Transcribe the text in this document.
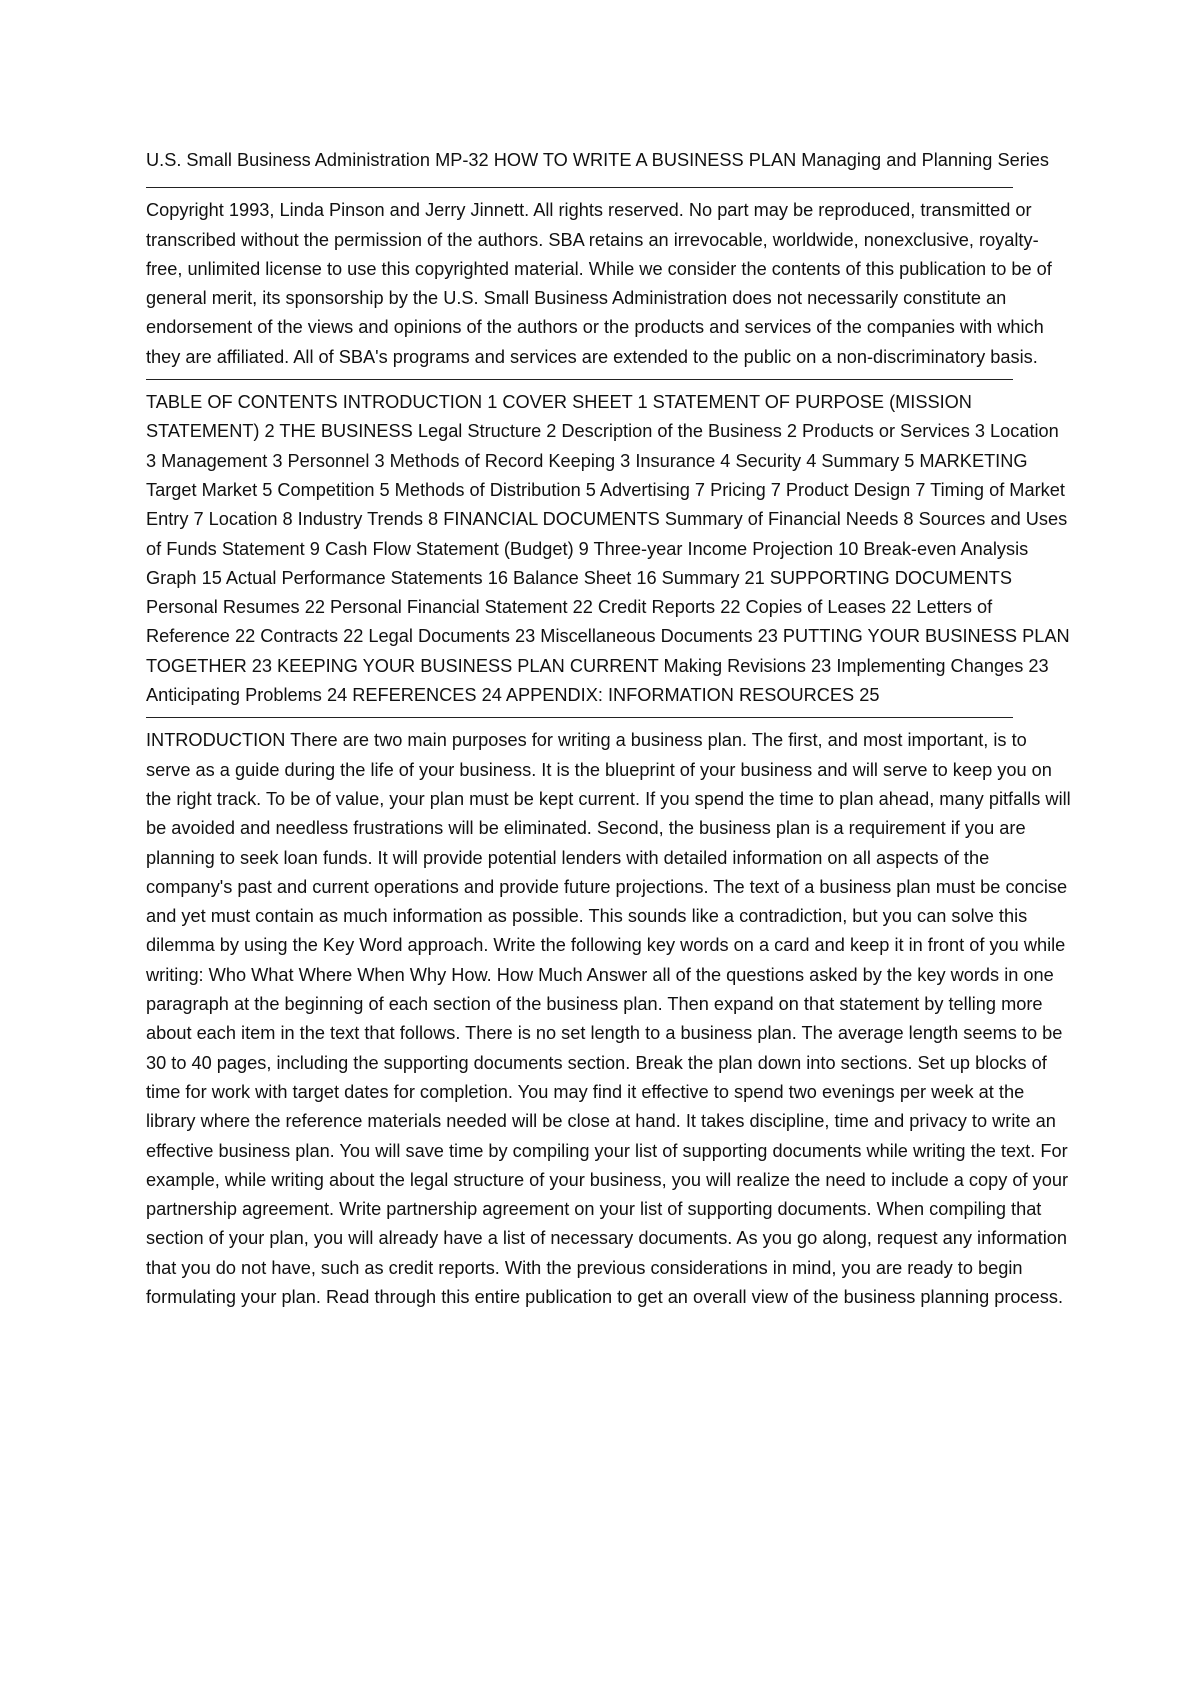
U.S. Small Business Administration MP-32 HOW TO WRITE A BUSINESS PLAN Managing and Planning Series

Copyright 1993, Linda Pinson and Jerry Jinnett. All rights reserved. No part may be reproduced, transmitted or transcribed without the permission of the authors. SBA retains an irrevocable, worldwide, nonexclusive, royalty-free, unlimited license to use this copyrighted material. While we consider the contents of this publication to be of general merit, its sponsorship by the U.S. Small Business Administration does not necessarily constitute an endorsement of the views and opinions of the authors or the products and services of the companies with which they are affiliated. All of SBA's programs and services are extended to the public on a non-discriminatory basis.

TABLE OF CONTENTS INTRODUCTION 1 COVER SHEET 1 STATEMENT OF PURPOSE (MISSION STATEMENT) 2 THE BUSINESS Legal Structure 2 Description of the Business 2 Products or Services 3 Location 3 Management 3 Personnel 3 Methods of Record Keeping 3 Insurance 4 Security 4 Summary 5 MARKETING Target Market 5 Competition 5 Methods of Distribution 5 Advertising 7 Pricing 7 Product Design 7 Timing of Market Entry 7 Location 8 Industry Trends 8 FINANCIAL DOCUMENTS Summary of Financial Needs 8 Sources and Uses of Funds Statement 9 Cash Flow Statement (Budget) 9 Three-year Income Projection 10 Break-even Analysis Graph 15 Actual Performance Statements 16 Balance Sheet 16 Summary 21 SUPPORTING DOCUMENTS Personal Resumes 22 Personal Financial Statement 22 Credit Reports 22 Copies of Leases 22 Letters of Reference 22 Contracts 22 Legal Documents 23 Miscellaneous Documents 23 PUTTING YOUR BUSINESS PLAN TOGETHER 23 KEEPING YOUR BUSINESS PLAN CURRENT Making Revisions 23 Implementing Changes 23 Anticipating Problems 24 REFERENCES 24 APPENDIX: INFORMATION RESOURCES 25

INTRODUCTION There are two main purposes for writing a business plan. The first, and most important, is to serve as a guide during the life of your business. It is the blueprint of your business and will serve to keep you on the right track. To be of value, your plan must be kept current. If you spend the time to plan ahead, many pitfalls will be avoided and needless frustrations will be eliminated. Second, the business plan is a requirement if you are planning to seek loan funds. It will provide potential lenders with detailed information on all aspects of the company's past and current operations and provide future projections. The text of a business plan must be concise and yet must contain as much information as possible. This sounds like a contradiction, but you can solve this dilemma by using the Key Word approach. Write the following key words on a card and keep it in front of you while writing: Who What Where When Why How. How Much Answer all of the questions asked by the key words in one paragraph at the beginning of each section of the business plan. Then expand on that statement by telling more about each item in the text that follows. There is no set length to a business plan. The average length seems to be 30 to 40 pages, including the supporting documents section. Break the plan down into sections. Set up blocks of time for work with target dates for completion. You may find it effective to spend two evenings per week at the library where the reference materials needed will be close at hand. It takes discipline, time and privacy to write an effective business plan. You will save time by compiling your list of supporting documents while writing the text. For example, while writing about the legal structure of your business, you will realize the need to include a copy of your partnership agreement. Write partnership agreement on your list of supporting documents. When compiling that section of your plan, you will already have a list of necessary documents. As you go along, request any information that you do not have, such as credit reports. With the previous considerations in mind, you are ready to begin formulating your plan. Read through this entire publication to get an overall view of the business planning process.
